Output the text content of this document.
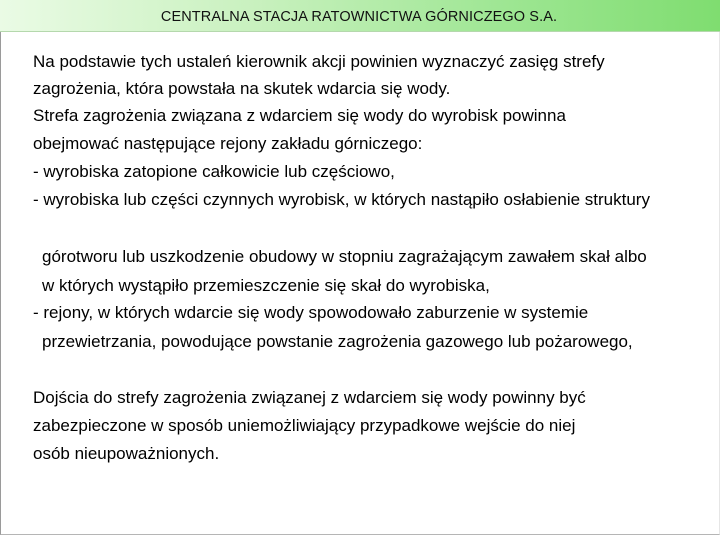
CENTRALNA STACJA RATOWNICTWA GÓRNICZEGO S.A.
Na podstawie tych ustaleń kierownik akcji powinien wyznaczyć zasięg strefy
zagrożenia, która powstała na skutek wdarcia się wody.
Strefa zagrożenia związana z wdarciem się wody do wyrobisk powinna
obejmować następujące rejony zakładu górniczego:
- wyrobiska zatopione całkowicie lub częściowo,
- wyrobiska lub części czynnych wyrobisk, w których nastąpiło osłabienie struktury
górotworu lub uszkodzenie obudowy w stopniu zagrażającym zawałem skał albo
w których wystąpiło przemieszczenie się skał do wyrobiska,
- rejony, w których wdarcie się wody spowodowało zaburzenie w systemie
przewietrzania, powodujące powstanie zagrożenia gazowego lub pożarowego,
Dojścia do strefy zagrożenia związanej z wdarciem się wody powinny być
zabezpieczone w sposób uniemożliwiający przypadkowe wejście do niej
osób nieupoważnionych.
